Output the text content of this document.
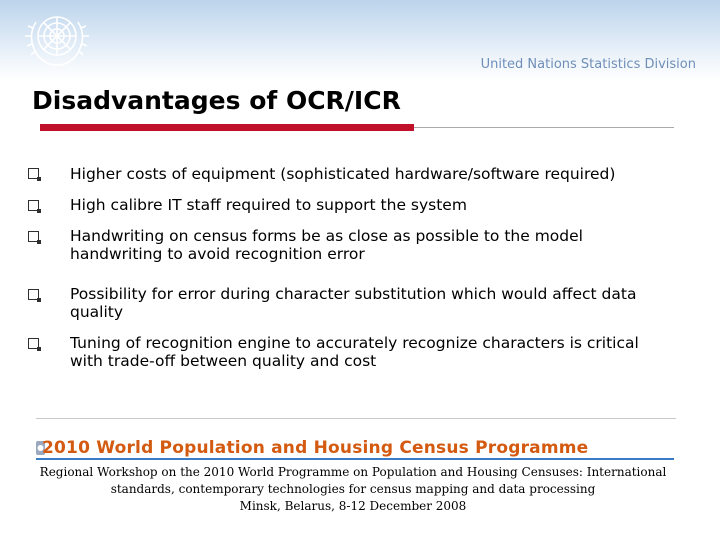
United Nations Statistics Division
Disadvantages of OCR/ICR
Higher costs of equipment (sophisticated hardware/software required)
High calibre IT staff required to support the system
Handwriting on census forms be as close as possible to the model handwriting to avoid recognition error
Possibility for error during character substitution which would affect data quality
Tuning of recognition engine to accurately recognize characters is critical with trade-off between quality and cost
2010 World Population and Housing Census Programme
Regional Workshop on the 2010 World Programme on Population and Housing Censuses: International
standards, contemporary technologies for census mapping and data processing
Minsk, Belarus, 8-12 December 2008
